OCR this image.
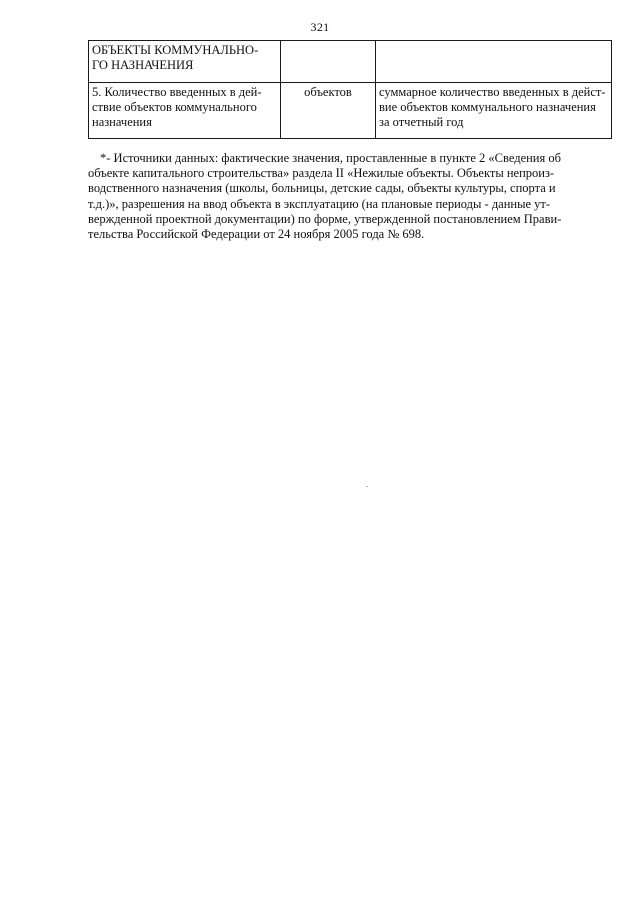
321
ОБЪЕКТЫ КОММУНАЛЬНО-
ГО НАЗНАЧЕНИЯ		
5. Количество введенных в дей-
ствие объектов коммунального
назначения	объектов	суммарное количество введенных в дейст-
вие объектов коммунального назначения
за отчетный год
*- Источники данных: фактические значения, проставленные в пункте 2 «Сведения об
объекте капитального строительства» раздела II «Нежилые объекты. Объекты непроиз-
водственного назначения (школы, больницы, детские сады, объекты культуры, спорта и
т.д.)», разрешения на ввод объекта в эксплуатацию (на плановые периоды - данные ут-
вержденной проектной документации) по форме, утвержденной постановлением Прави-
тельства Российской Федерации от 24 ноября 2005 года № 698.
